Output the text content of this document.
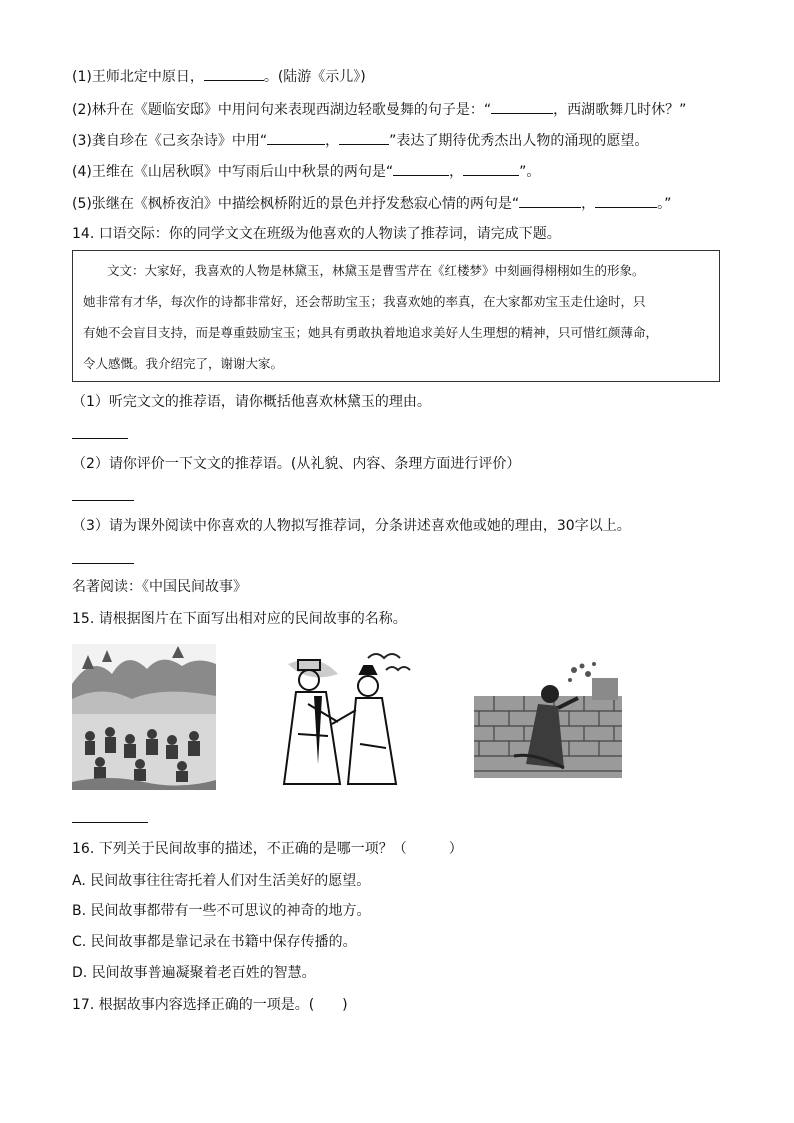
(1)王师北定中原日，	。(陆游《示儿》)
(2)林升在《题临安邸》中用问句来表现西湖边轻歌曼舞的句子是：“	，西湖歌舞几时休？”
(3)龚自珍在《己亥杂诗》中用“	，	”表达了期待优秀杰出人物的涌现的愿望。
(4)王维在《山居秋暝》中写雨后山中秋景的两句是“	，	”。
(5)张继在《枫桥夜泊》中描绘枫桥附近的景色并抒发愁寂心情的两句是“	，	。”
14. 口语交际：你的同学文文在班级为他喜欢的人物读了推荐词，请完成下题。

文文：大家好，我喜欢的人物是林黛玉，林黛玉是曹雪芹在《红楼梦》中刻画得栩栩如生的形象。

她非常有才华，每次作的诗都非常好，还会帮助宝玉；我喜欢她的率真，在大家都劝宝玉走仕途时，只

有她不会盲目支持，而是尊重鼓励宝玉；她具有勇敢执着地追求美好人生理想的精神，只可惜红颜薄命，

令人感慨。我介绍完了，谢谢大家。

（1）听完文文的推荐语，请你概括他喜欢林黛玉的理由。
（2）请你评价一下文文的推荐语。(从礼貌、内容、条理方面进行评价）
（3）请为课外阅读中你喜欢的人物拟写推荐词，分条讲述喜欢他或她的理由，30字以上。
名著阅读：《中国民间故事》
15. 请根据图片在下面写出相对应的民间故事的名称。
16. 下列关于民间故事的描述，不正确的是哪一项？（　　　）
A. 民间故事往往寄托着人们对生活美好的愿望。
B. 民间故事都带有一些不可思议的神奇的地方。
C. 民间故事都是靠记录在书籍中保存传播的。
D. 民间故事普遍凝聚着老百姓的智慧。
17. 根据故事内容选择正确的一项是。(　　)
